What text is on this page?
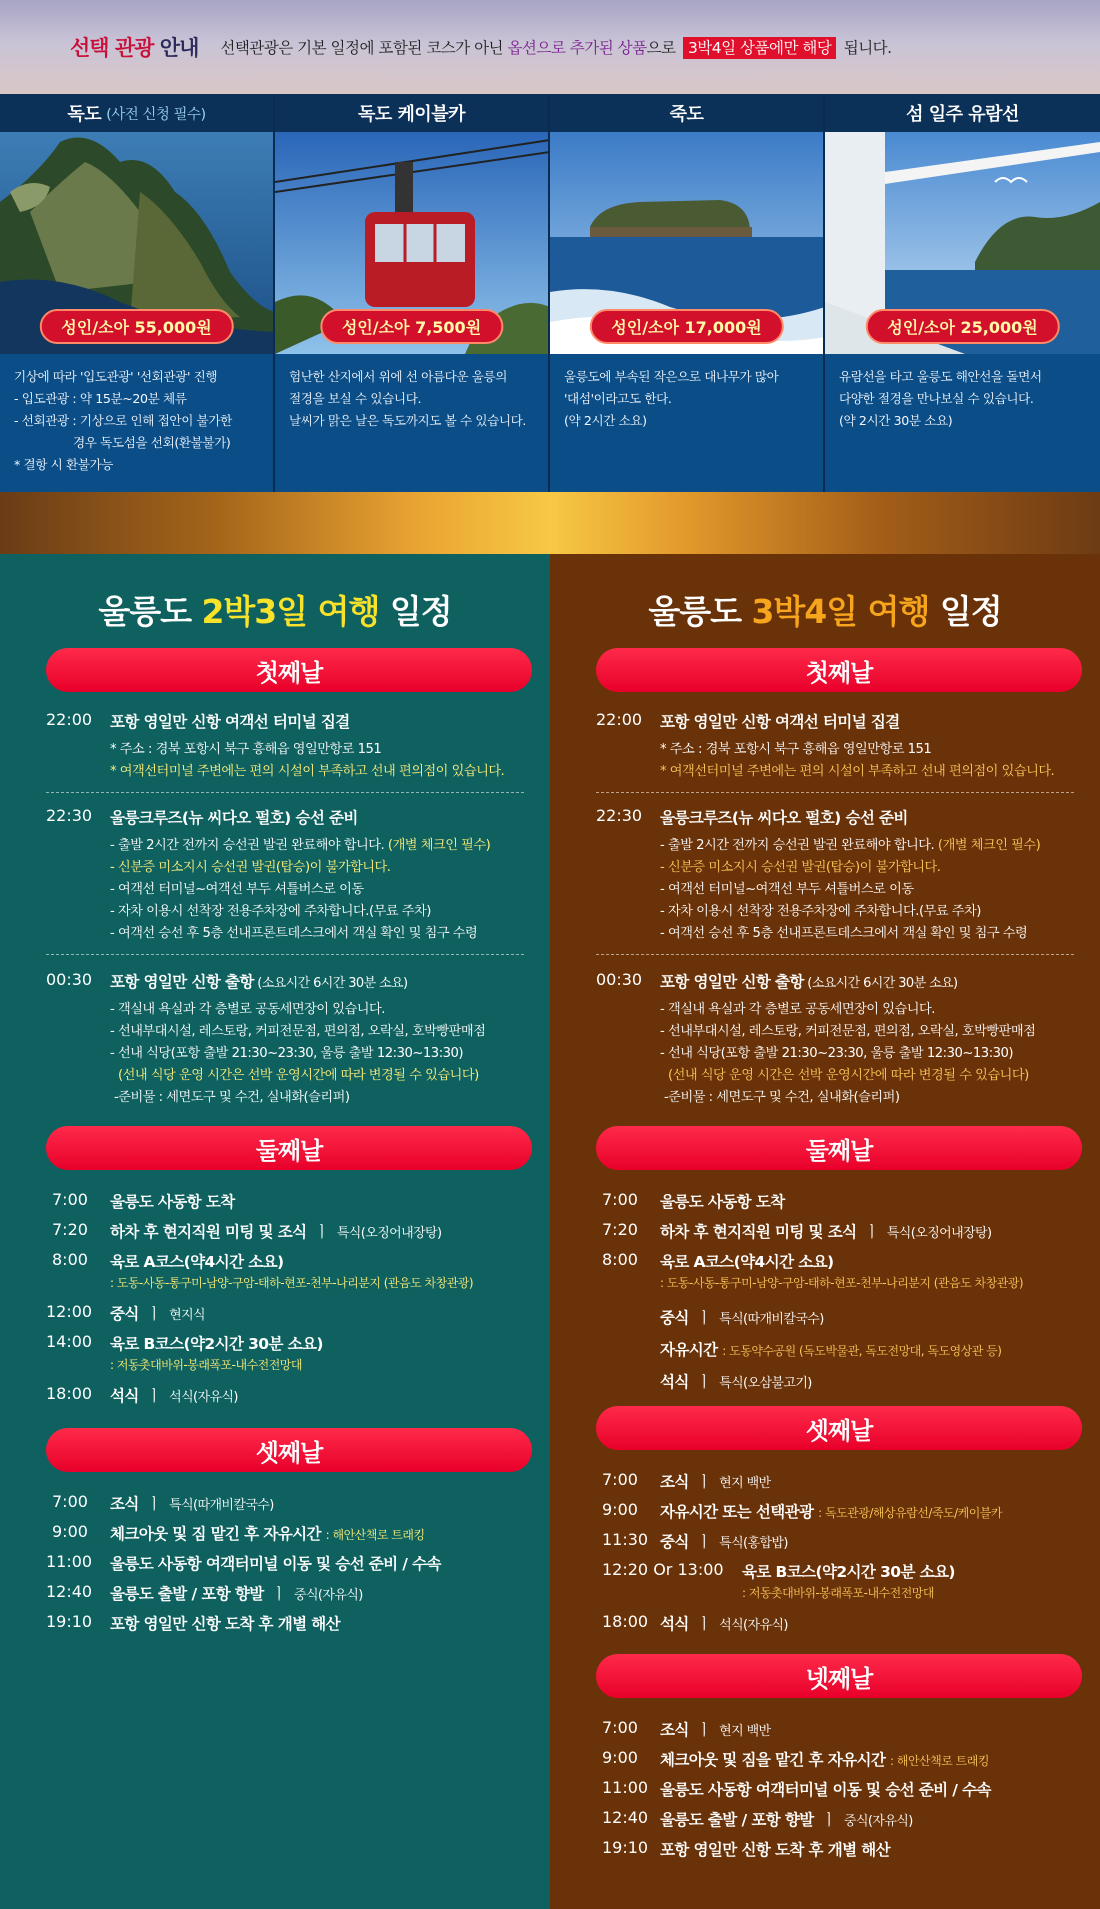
선택 관광 안내 선택관광은 기본 일정에 포함된 코스가 아닌 옵션으로 추가된 상품으로 3박4일 상품에만 해당 됩니다.
독도 (사전 신청 필수)
성인/소아 55,000원
기상에 따라 '입도관광' '선회관광' 진행
- 입도관광 : 약 15분~20분 체류
- 선회관광 : 기상으로 인해 접안이 불가한
경우 독도섬을 선회(환불불가)
* 결항 시 환불가능
독도 케이블카
성인/소아 7,500원
험난한 산지에서 위에 선 아름다운 울릉의
절경을 보실 수 있습니다.
날씨가 맑은 날은 독도까지도 볼 수 있습니다.
죽도
성인/소아 17,000원
울릉도에 부속된 작은으로 대나무가 많아
'대섬'이라고도 한다.
(약 2시간 소요)
섬 일주 유람선
성인/소아 25,000원
유람선을 타고 울릉도 해안선을 돌면서
다양한 절경을 만나보실 수 있습니다.
(약 2시간 30분 소요)
울릉도 2박3일 여행 일정
첫째날
22:00 포항 영일만 신항 여객선 터미널 집결
* 주소 : 경북 포항시 북구 흥해읍 영일만항로 151
* 여객선터미널 주변에는 편의 시설이 부족하고 선내 편의점이 있습니다.
22:30 울릉크루즈(뉴 씨다오 펄호) 승선 준비
- 출발 2시간 전까지 승선권 발권 완료해야 합니다. (개별 체크인 필수)
- 신분증 미소지시 승선권 발권(탑승)이 불가합니다.
- 여객선 터미널~여객선 부두 셔틀버스로 이동
- 자차 이용시 선착장 전용주차장에 주차합니다.(무료 주차)
- 여객선 승선 후 5층 선내프론트데스크에서 객실 확인 및 침구 수령
00:30 포항 영일만 신항 출항 (소요시간 6시간 30분 소요)
- 객실내 욕실과 각 층별로 공동세면장이 있습니다.
- 선내부대시설, 레스토랑, 커피전문점, 편의점, 오락실, 호박빵판매점
- 선내 식당(포항 출발 21:30~23:30, 울릉 출발 12:30~13:30)
(선내 식당 운영 시간은 선박 운영시간에 따라 변경될 수 있습니다)
-준비물 : 세면도구 및 수건, 실내화(슬리퍼)
둘째날
7:00 울릉도 사동항 도착
7:20 하차 후 현지직원 미팅 및 조식 ㅣ 특식(오징어내장탕)
8:00 육로 A코스(약4시간 소요)
: 도동-사동-통구미-남양-구암-태하-현포-천부-나리분지 (관음도 차창관광)
12:00 중식 ㅣ 현지식
14:00 육로 B코스(약2시간 30분 소요)
: 저동촛대바위-봉래폭포-내수전전망대
18:00 석식 ㅣ 석식(자유식)
셋째날
7:00 조식 ㅣ 특식(따개비칼국수)
9:00 체크아웃 및 짐 맡긴 후 자유시간 : 해안산책로 트래킹
11:00 울릉도 사동항 여객터미널 이동 및 승선 준비 / 수속
12:40 울릉도 출발 / 포항 향발 ㅣ 중식(자유식)
19:10 포항 영일만 신항 도착 후 개별 해산
울릉도 3박4일 여행 일정
첫째날
22:00 포항 영일만 신항 여객선 터미널 집결
* 주소 : 경북 포항시 북구 흥해읍 영일만항로 151
* 여객선터미널 주변에는 편의 시설이 부족하고 선내 편의점이 있습니다.
22:30 울릉크루즈(뉴 씨다오 펄호) 승선 준비
- 출발 2시간 전까지 승선권 발권 완료해야 합니다. (개별 체크인 필수)
- 신분증 미소지시 승선권 발권(탑승)이 불가합니다.
- 여객선 터미널~여객선 부두 셔틀버스로 이동
- 자차 이용시 선착장 전용주차장에 주차합니다.(무료 주차)
- 여객선 승선 후 5층 선내프론트데스크에서 객실 확인 및 침구 수령
00:30 포항 영일만 신항 출항 (소요시간 6시간 30분 소요)
- 객실내 욕실과 각 층별로 공동세면장이 있습니다.
- 선내부대시설, 레스토랑, 커피전문점, 편의점, 오락실, 호박빵판매점
- 선내 식당(포항 출발 21:30~23:30, 울릉 출발 12:30~13:30)
(선내 식당 운영 시간은 선박 운영시간에 따라 변경될 수 있습니다)
-준비물 : 세면도구 및 수건, 실내화(슬리퍼)
둘째날
7:00 울릉도 사동항 도착
7:20 하차 후 현지직원 미팅 및 조식 ㅣ 특식(오징어내장탕)
8:00 육로 A코스(약4시간 소요)
: 도동-사동-통구미-남양-구암-태하-현포-천부-나리분지 (관음도 차창관광)
중식 ㅣ 특식(따개비칼국수)
자유시간 : 도동약수공원 (독도박물관, 독도전망대, 독도영상관 등)
석식 ㅣ 특식(오삼불고기)
셋째날
7:00 조식 ㅣ 현지 백반
9:00 자유시간 또는 선택관광 : 독도관광/해상유람선/죽도/케이블카
11:30 중식 ㅣ 특식(홍합밥)
12:20 Or 13:00 육로 B코스(약2시간 30분 소요)
: 저동촛대바위-봉래폭포-내수전전망대
18:00 석식 ㅣ 석식(자유식)
넷째날
7:00 조식 ㅣ 현지 백반
9:00 체크아웃 및 짐을 맡긴 후 자유시간 : 해안산책로 트래킹
11:00 울릉도 사동항 여객터미널 이동 및 승선 준비 / 수속
12:40 울릉도 출발 / 포항 향발 ㅣ 중식(자유식)
19:10 포항 영일만 신항 도착 후 개별 해산
